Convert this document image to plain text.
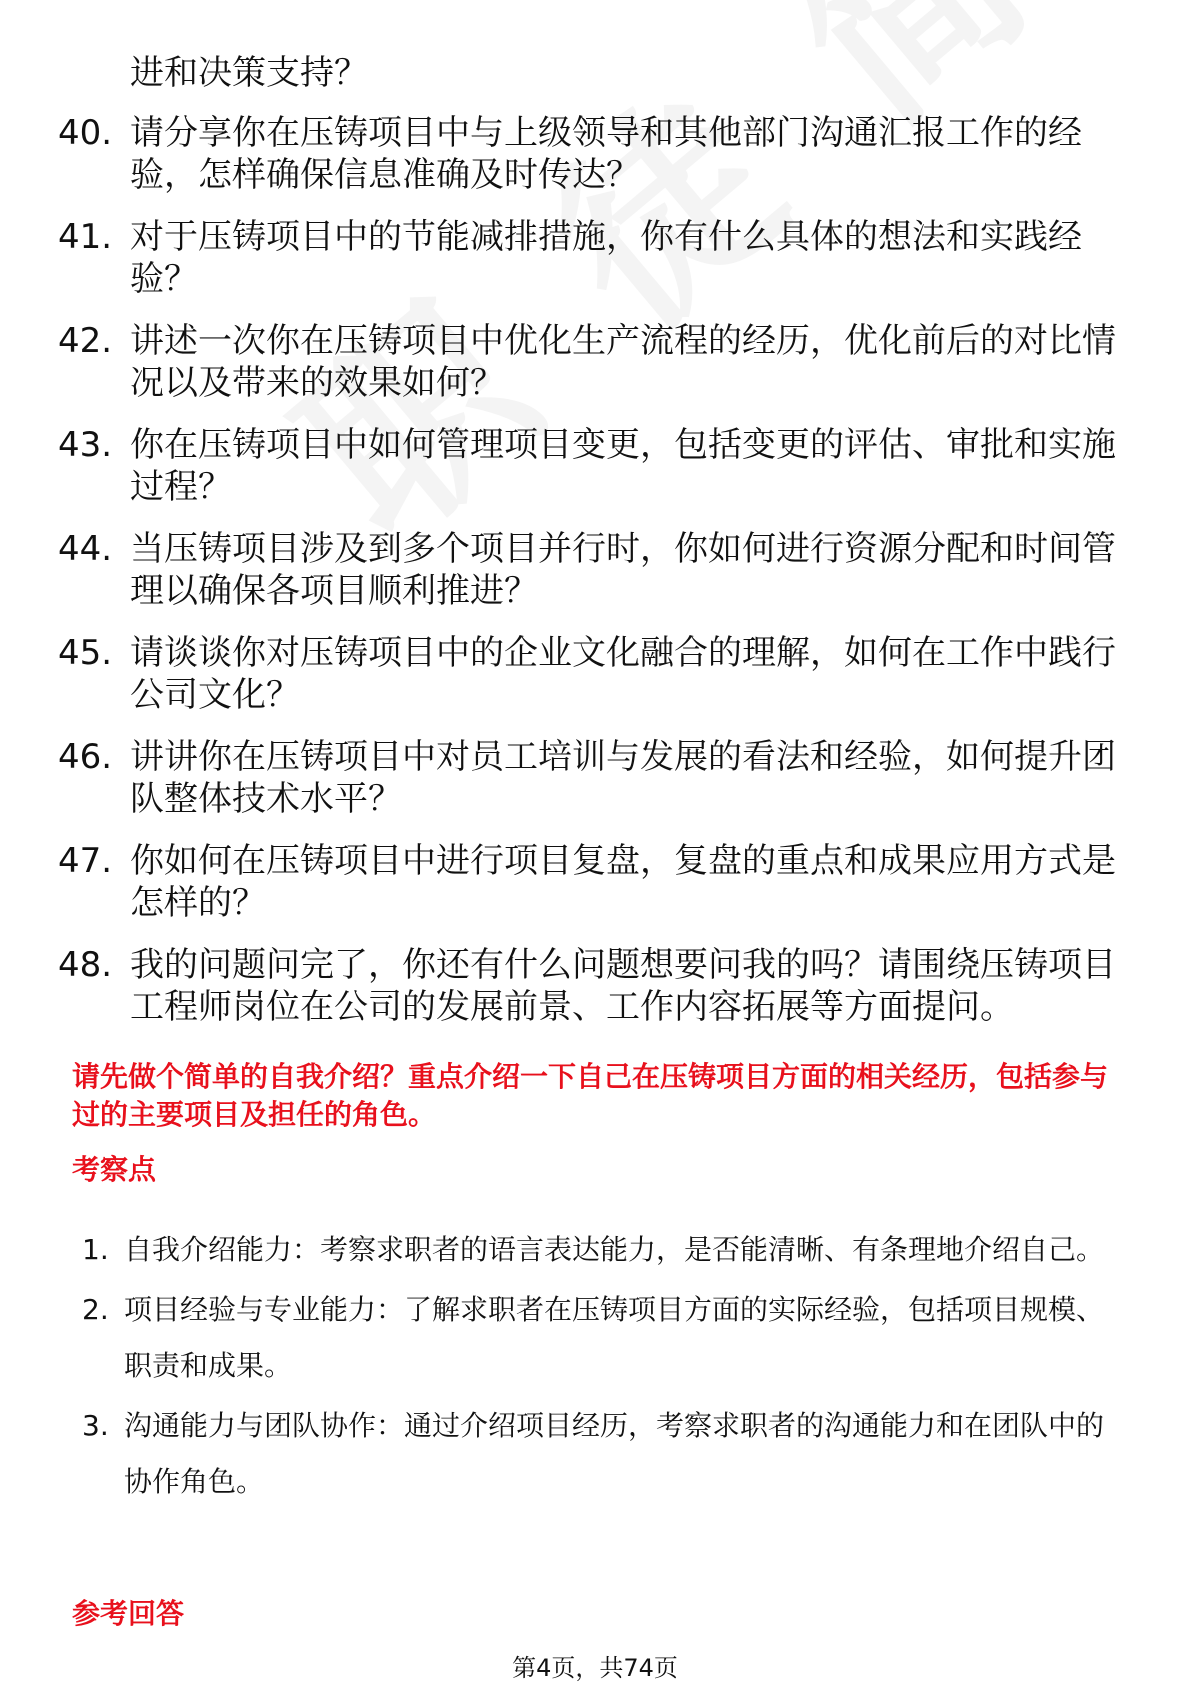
进和决策支持？
40. 请分享你在压铸项目中与上级领导和其他部门沟通汇报工作的经验，怎样确保信息准确及时传达？
41. 对于压铸项目中的节能减排措施，你有什么具体的想法和实践经验？
42. 讲述一次你在压铸项目中优化生产流程的经历，优化前后的对比情况以及带来的效果如何？
43. 你在压铸项目中如何管理项目变更，包括变更的评估、审批和实施过程？
44. 当压铸项目涉及到多个项目并行时，你如何进行资源分配和时间管理以确保各项目顺利推进？
45. 请谈谈你对压铸项目中的企业文化融合的理解，如何在工作中践行公司文化？
46. 讲讲你在压铸项目中对员工培训与发展的看法和经验，如何提升团队整体技术水平？
47. 你如何在压铸项目中进行项目复盘，复盘的重点和成果应用方式是怎样的？
48. 我的问题问完了，你还有什么问题想要问我的吗？请围绕压铸项目工程师岗位在公司的发展前景、工作内容拓展等方面提问。
请先做个简单的自我介绍？重点介绍一下自己在压铸项目方面的相关经历，包括参与过的主要项目及担任的角色。
考察点
1. 自我介绍能力：考察求职者的语言表达能力，是否能清晰、有条理地介绍自己。
2. 项目经验与专业能力：了解求职者在压铸项目方面的实际经验，包括项目规模、职责和成果。
3. 沟通能力与团队协作：通过介绍项目经历，考察求职者的沟通能力和在团队中的协作角色。
参考回答
第4页，共74页
